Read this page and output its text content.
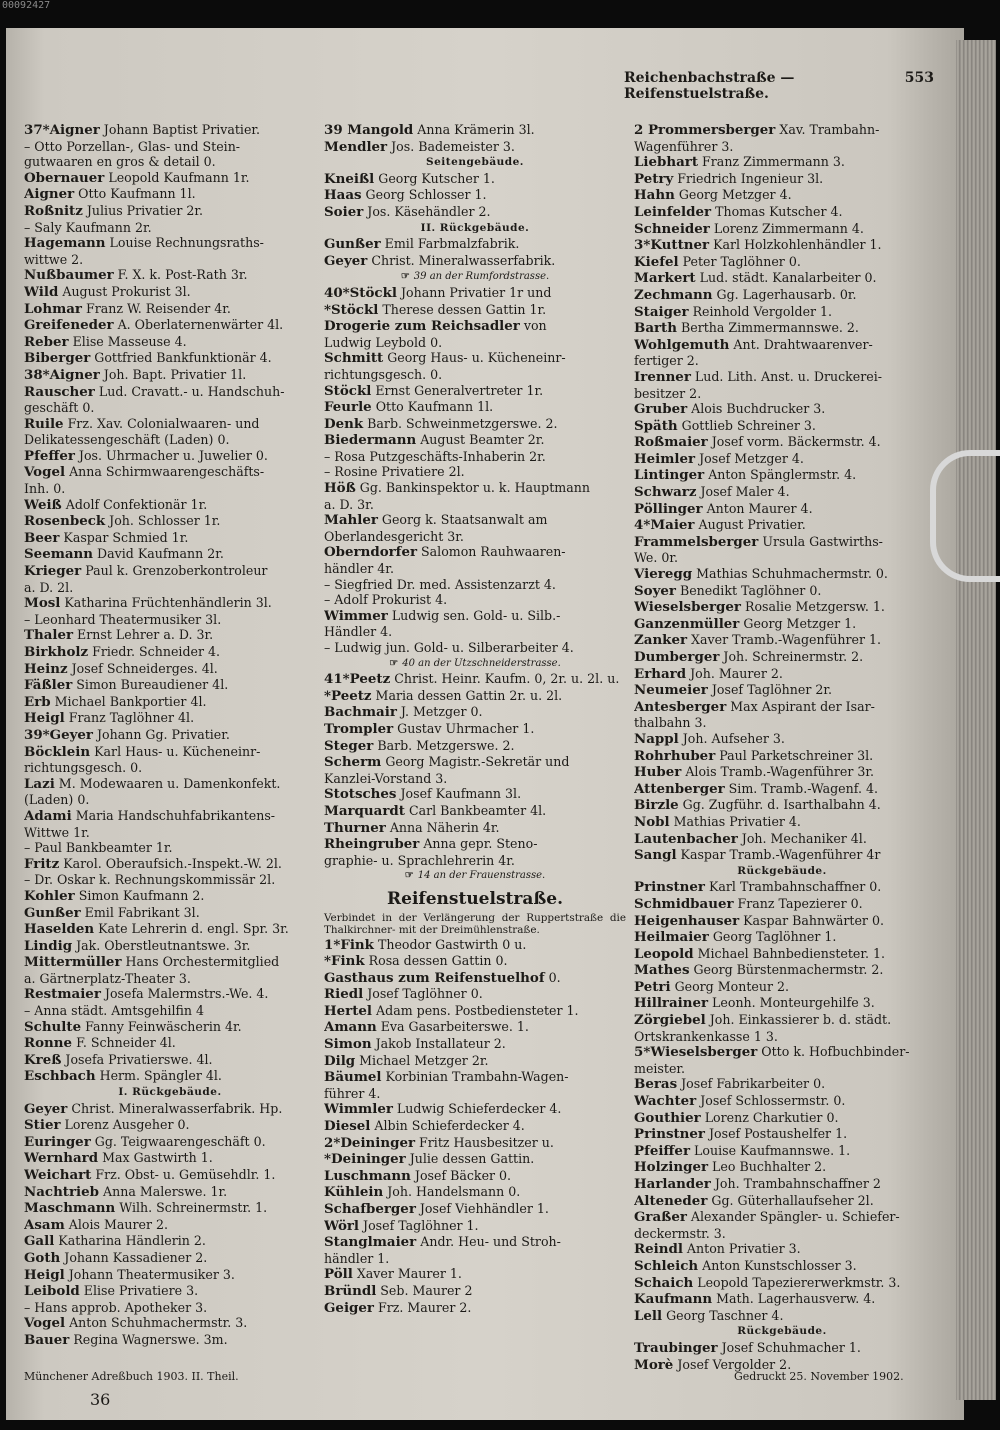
00092427
Reichenbachstraße — Reifenstuelstraße.
553
37*Aigner Johann Baptist Privatier.
– Otto Porzellan-, Glas- und Stein-
gutwaaren en gros & detail 0.
Obernauer Leopold Kaufmann 1r.
Aigner Otto Kaufmann 1l.
Roßnitz Julius Privatier 2r.
– Saly Kaufmann 2r.
Hagemann Louise Rechnungsraths-
wittwe 2.
Nußbaumer F. X. k. Post-Rath 3r.
Wild August Prokurist 3l.
Lohmar Franz W. Reisender 4r.
Greifeneder A. Oberlaternenwärter 4l.
Reber Elise Masseuse 4.
Biberger Gottfried Bankfunktionär 4.
38*Aigner Joh. Bapt. Privatier 1l.
Rauscher Lud. Cravatt.- u. Handschuh-
geschäft 0.
Ruile Frz. Xav. Colonialwaaren- und
Delikatessengeschäft (Laden) 0.
Pfeffer Jos. Uhrmacher u. Juwelier 0.
Vogel Anna Schirmwaarengeschäfts-
Inh. 0.
Weiß Adolf Confektionär 1r.
Rosenbeck Joh. Schlosser 1r.
Beer Kaspar Schmied 1r.
Seemann David Kaufmann 2r.
Krieger Paul k. Grenzoberkontroleur
a. D. 2l.
Mosl Katharina Früchtenhändlerin 3l.
– Leonhard Theatermusiker 3l.
Thaler Ernst Lehrer a. D. 3r.
Birkholz Friedr. Schneider 4.
Heinz Josef Schneiderges. 4l.
Fäßler Simon Bureaudiener 4l.
Erb Michael Bankportier 4l.
Heigl Franz Taglöhner 4l.
39*Geyer Johann Gg. Privatier.
Böcklein Karl Haus- u. Kücheneinr-
richtungsgesch. 0.
Lazi M. Modewaaren u. Damenkonfekt.
(Laden) 0.
Adami Maria Handschuhfabrikantens-
Wittwe 1r.
– Paul Bankbeamter 1r.
Fritz Karol. Oberaufsich.-Inspekt.-W. 2l.
– Dr. Oskar k. Rechnungskommissär 2l.
Kohler Simon Kaufmann 2.
Gunßer Emil Fabrikant 3l.
Haselden Kate Lehrerin d. engl. Spr. 3r.
Lindig Jak. Oberstleutnantswe. 3r.
Mittermüller Hans Orchestermitglied
a. Gärtnerplatz-Theater 3.
Restmaier Josefa Malermstrs.-We. 4.
– Anna städt. Amtsgehilfin 4
Schulte Fanny Feinwäscherin 4r.
Ronne F. Schneider 4l.
Kreß Josefa Privatierswe. 4l.
Eschbach Herm. Spängler 4l.
I. Rückgebäude.
Geyer Christ. Mineralwasserfabrik. Hp.
Stier Lorenz Ausgeher 0.
Euringer Gg. Teigwaarengeschäft 0.
Wernhard Max Gastwirth 1.
Weichart Frz. Obst- u. Gemüsehdlr. 1.
Nachtrieb Anna Malerswe. 1r.
Maschmann Wilh. Schreinermstr. 1.
Asam Alois Maurer 2.
Gall Katharina Händlerin 2.
Goth Johann Kassadiener 2.
Heigl Johann Theatermusiker 3.
Leibold Elise Privatiere 3.
– Hans approb. Apotheker 3.
Vogel Anton Schuhmachermstr. 3.
Bauer Regina Wagnerswe. 3m.
39 Mangold Anna Krämerin 3l.
Mendler Jos. Bademeister 3.
Seitengebäude.
Kneißl Georg Kutscher 1.
Haas Georg Schlosser 1.
Soier Jos. Käsehändler 2.
II. Rückgebäude.
Gunßer Emil Farbmalzfabrik.
Geyer Christ. Mineralwasserfabrik.
☞ 39 an der Rumfordstrasse.
40*Stöckl Johann Privatier 1r und
*Stöckl Therese dessen Gattin 1r.
Drogerie zum Reichsadler von
Ludwig Leybold 0.
Schmitt Georg Haus- u. Kücheneinr-
richtungsgesch. 0.
Stöckl Ernst Generalvertreter 1r.
Feurle Otto Kaufmann 1l.
Denk Barb. Schweinmetzgerswe. 2.
Biedermann August Beamter 2r.
– Rosa Putzgeschäfts-Inhaberin 2r.
– Rosine Privatiere 2l.
Höß Gg. Bankinspektor u. k. Hauptmann
a. D. 3r.
Mahler Georg k. Staatsanwalt am
Oberlandesgericht 3r.
Oberndorfer Salomon Rauhwaaren-
händler 4r.
– Siegfried Dr. med. Assistenzarzt 4.
– Adolf Prokurist 4.
Wimmer Ludwig sen. Gold- u. Silb.-
Händler 4.
– Ludwig jun. Gold- u. Silberarbeiter 4.
☞ 40 an der Utzschneiderstrasse.
41*Peetz Christ. Heinr. Kaufm. 0, 2r. u. 2l. u.
*Peetz Maria dessen Gattin 2r. u. 2l.
Bachmair J. Metzger 0.
Trompler Gustav Uhrmacher 1.
Steger Barb. Metzgerswe. 2.
Scherm Georg Magistr.-Sekretär und
Kanzlei-Vorstand 3.
Stotsches Josef Kaufmann 3l.
Marquardt Carl Bankbeamter 4l.
Thurner Anna Näherin 4r.
Rheingruber Anna gepr. Steno-
graphie- u. Sprachlehrerin 4r.
☞ 14 an der Frauenstrasse.
Reifenstuelstraße.
Verbindet in der Verlängerung der Ruppertstraße die Thalkirchner- mit der Dreimühlenstraße.
1*Fink Theodor Gastwirth 0 u.
*Fink Rosa dessen Gattin 0.
Gasthaus zum Reifenstuelhof 0.
Riedl Josef Taglöhner 0.
Hertel Adam pens. Postbediensteter 1.
Amann Eva Gasarbeiterswe. 1.
Simon Jakob Installateur 2.
Dilg Michael Metzger 2r.
Bäumel Korbinian Trambahn-Wagen-
führer 4.
Wimmler Ludwig Schieferdecker 4.
Diesel Albin Schieferdecker 4.
2*Deininger Fritz Hausbesitzer u.
*Deininger Julie dessen Gattin.
Luschmann Josef Bäcker 0.
Kühlein Joh. Handelsmann 0.
Schafberger Josef Viehhändler 1.
Wörl Josef Taglöhner 1.
Stanglmaier Andr. Heu- und Stroh-
händler 1.
Pöll Xaver Maurer 1.
Bründl Seb. Maurer 2
Geiger Frz. Maurer 2.
2 Prommersberger Xav. Trambahn-
Wagenführer 3.
Liebhart Franz Zimmermann 3.
Petry Friedrich Ingenieur 3l.
Hahn Georg Metzger 4.
Leinfelder Thomas Kutscher 4.
Schneider Lorenz Zimmermann 4.
3*Kuttner Karl Holzkohlenhändler 1.
Kiefel Peter Taglöhner 0.
Markert Lud. städt. Kanalarbeiter 0.
Zechmann Gg. Lagerhausarb. 0r.
Staiger Reinhold Vergolder 1.
Barth Bertha Zimmermannswe. 2.
Wohlgemuth Ant. Drahtwaarenver-
fertiger 2.
Irenner Lud. Lith. Anst. u. Druckerei-
besitzer 2.
Gruber Alois Buchdrucker 3.
Späth Gottlieb Schreiner 3.
Roßmaier Josef vorm. Bäckermstr. 4.
Heimler Josef Metzger 4.
Lintinger Anton Spänglermstr. 4.
Schwarz Josef Maler 4.
Pöllinger Anton Maurer 4.
4*Maier August Privatier.
Frammelsberger Ursula Gastwirths-
We. 0r.
Vieregg Mathias Schuhmachermstr. 0.
Soyer Benedikt Taglöhner 0.
Wieselsberger Rosalie Metzgersw. 1.
Ganzenmüller Georg Metzger 1.
Zanker Xaver Tramb.-Wagenführer 1.
Dumberger Joh. Schreinermstr. 2.
Erhard Joh. Maurer 2.
Neumeier Josef Taglöhner 2r.
Antesberger Max Aspirant der Isar-
thalbahn 3.
Nappl Joh. Aufseher 3.
Rohrhuber Paul Parketschreiner 3l.
Huber Alois Tramb.-Wagenführer 3r.
Attenberger Sim. Tramb.-Wagenf. 4.
Birzle Gg. Zugführ. d. Isarthalbahn 4.
Nobl Mathias Privatier 4.
Lautenbacher Joh. Mechaniker 4l.
Sangl Kaspar Tramb.-Wagenführer 4r
Rückgebäude.
Prinstner Karl Trambahnschaffner 0.
Schmidbauer Franz Tapezierer 0.
Heigenhauser Kaspar Bahnwärter 0.
Heilmaier Georg Taglöhner 1.
Leopold Michael Bahnbediensteter. 1.
Mathes Georg Bürstenmachermstr. 2.
Petri Georg Monteur 2.
Hillrainer Leonh. Monteurgehilfe 3.
Zörgiebel Joh. Einkassierer b. d. städt.
Ortskrankenkasse 1 3.
5*Wieselsberger Otto k. Hofbuchbinder-
meister.
Beras Josef Fabrikarbeiter 0.
Wachter Josef Schlossermstr. 0.
Gouthier Lorenz Charkutier 0.
Prinstner Josef Postaushelfer 1.
Pfeiffer Louise Kaufmannswe. 1.
Holzinger Leo Buchhalter 2.
Harlander Joh. Trambahnschaffner 2
Alteneder Gg. Güterhallaufseher 2l.
Graßer Alexander Spängler- u. Schiefer-
deckermstr. 3.
Reindl Anton Privatier 3.
Schleich Anton Kunstschlosser 3.
Schaich Leopold Tapeziererwerkmstr. 3.
Kaufmann Math. Lagerhausverw. 4.
Lell Georg Taschner 4.
Rückgebäude.
Traubinger Josef Schuhmacher 1.
Morè Josef Vergolder 2.
Münchener Adreßbuch 1903. II. Theil.
36
Gedruckt 25. November 1902.
